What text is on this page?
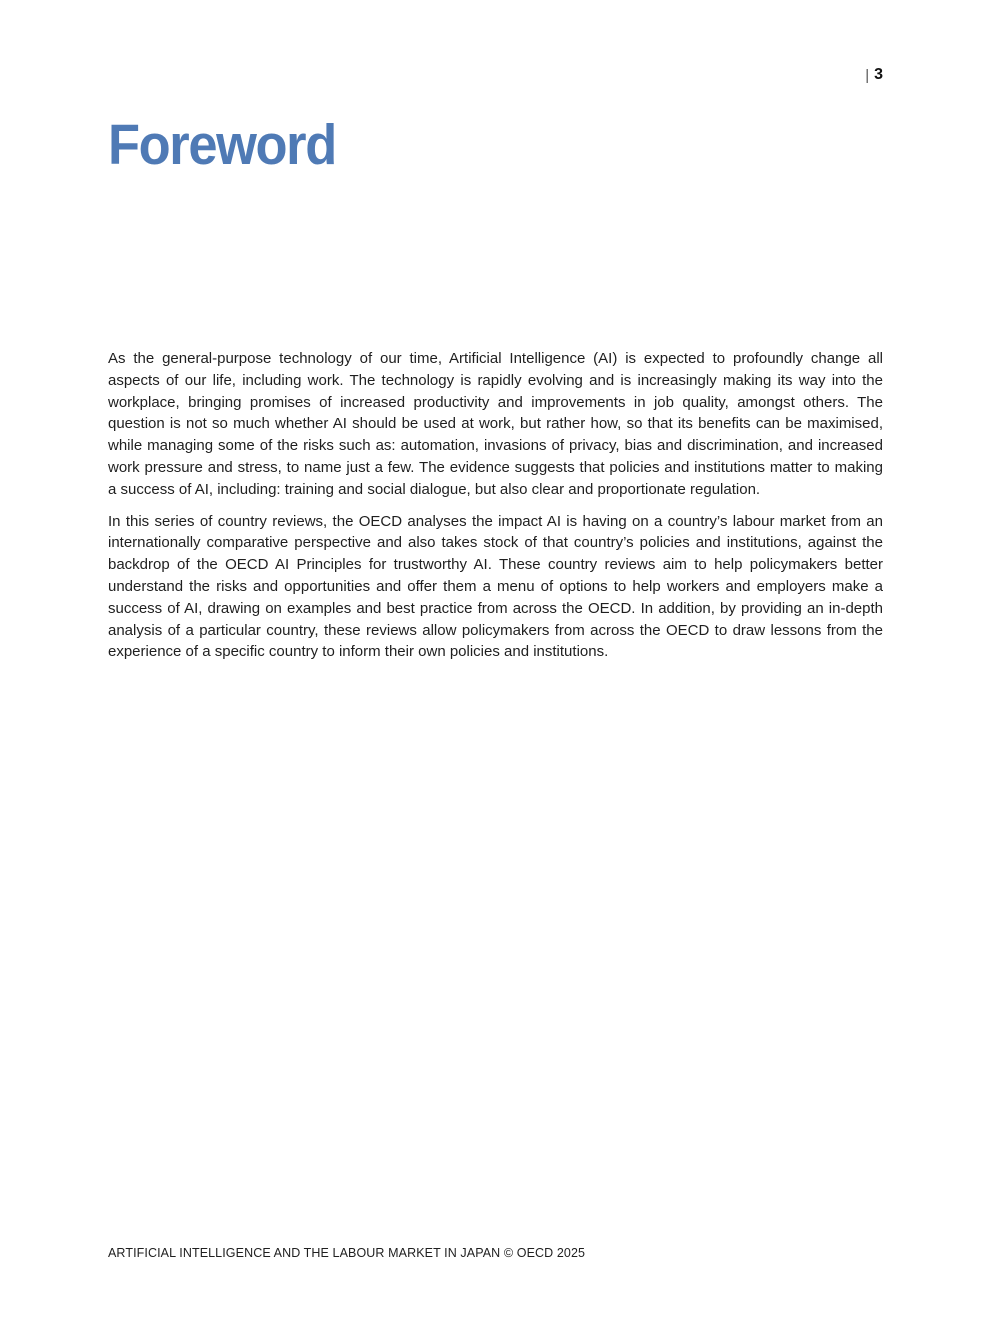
| 3
Foreword

As the general-purpose technology of our time, Artificial Intelligence (AI) is expected to profoundly change all aspects of our life, including work. The technology is rapidly evolving and is increasingly making its way into the workplace, bringing promises of increased productivity and improvements in job quality, amongst others. The question is not so much whether AI should be used at work, but rather how, so that its benefits can be maximised, while managing some of the risks such as: automation, invasions of privacy, bias and discrimination, and increased work pressure and stress, to name just a few. The evidence suggests that policies and institutions matter to making a success of AI, including: training and social dialogue, but also clear and proportionate regulation.

In this series of country reviews, the OECD analyses the impact AI is having on a country’s labour market from an internationally comparative perspective and also takes stock of that country’s policies and institutions, against the backdrop of the OECD AI Principles for trustworthy AI. These country reviews aim to help policymakers better understand the risks and opportunities and offer them a menu of options to help workers and employers make a success of AI, drawing on examples and best practice from across the OECD. In addition, by providing an in-depth analysis of a particular country, these reviews allow policymakers from across the OECD to draw lessons from the experience of a specific country to inform their own policies and institutions.

ARTIFICIAL INTELLIGENCE AND THE LABOUR MARKET IN JAPAN © OECD 2025
